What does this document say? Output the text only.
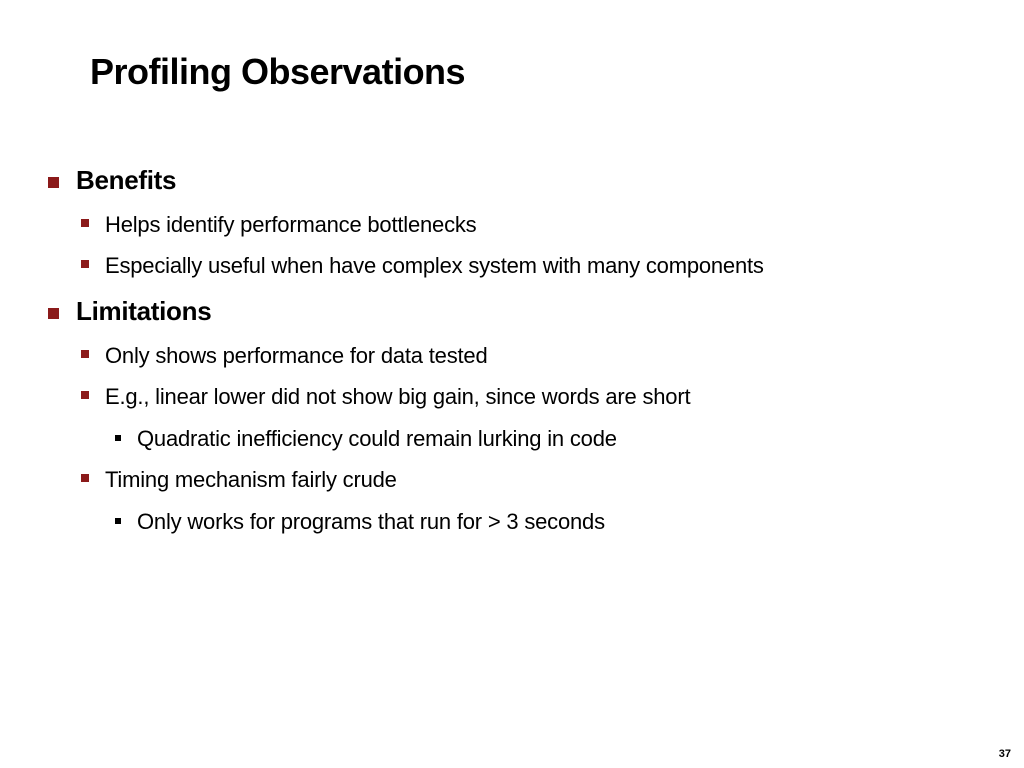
Profiling Observations
Benefits
Helps identify performance bottlenecks
Especially useful when have complex system with many components
Limitations
Only shows performance for data tested
E.g., linear lower did not show big gain, since words are short
Quadratic inefficiency could remain lurking in code
Timing mechanism fairly crude
Only works for programs that run for > 3 seconds
37
